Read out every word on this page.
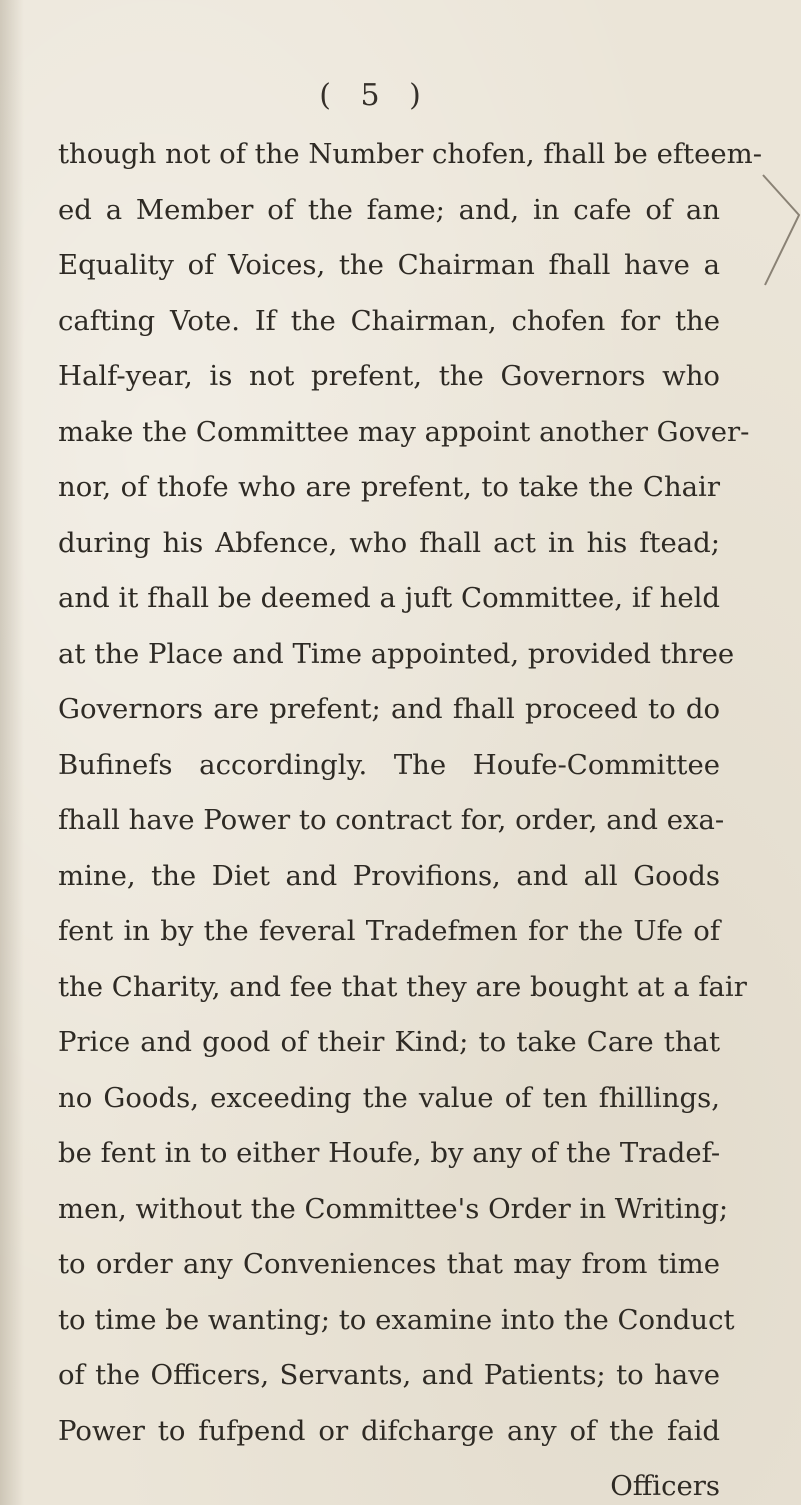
( 5 )
though not of the Number chofen, fhall be efteem-
ed a Member of the fame; and, in cafe of an
Equality of Voices, the Chairman fhall have a
cafting Vote. If the Chairman, chofen for the
Half-year, is not prefent, the Governors who
make the Committee may appoint another Gover-
nor, of thofe who are prefent, to take the Chair
during his Abfence, who fhall act in his ftead;
and it fhall be deemed a juft Committee, if held
at the Place and Time appointed, provided three
Governors are prefent; and fhall proceed to do
Bufinefs accordingly. The Houfe-Committee
fhall have Power to contract for, order, and exa-
mine, the Diet and Provifions, and all Goods
fent in by the feveral Tradefmen for the Ufe of
the Charity, and fee that they are bought at a fair
Price and good of their Kind; to take Care that
no Goods, exceeding the value of ten fhillings,
be fent in to either Houfe, by any of the Tradef-
men, without the Committee's Order in Writing;
to order any Conveniences that may from time
to time be wanting; to examine into the Conduct
of the Officers, Servants, and Patients; to have
Power to fufpend or difcharge any of the faid
Officers
